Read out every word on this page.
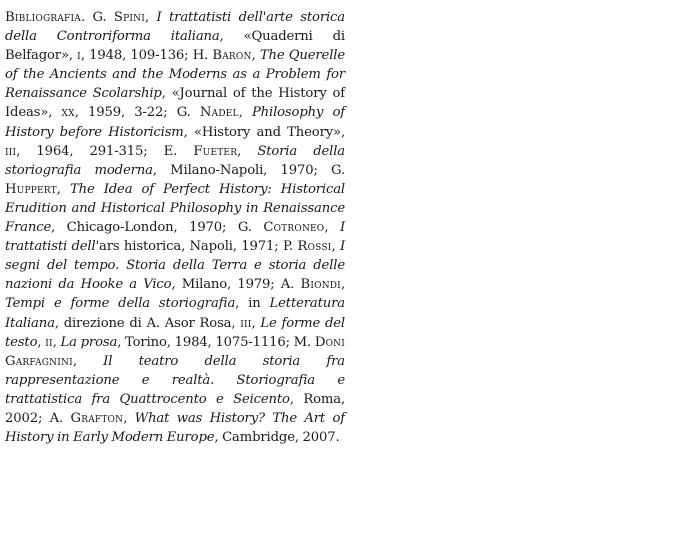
Bibliografia. G. Spini, I trattatisti dell'arte storica della Controriforma italiana, «Quaderni di Belfagor», i, 1948, 109-136; H. Baron, The Querelle of the Ancients and the Moderns as a Problem for Renaissance Scolarship, «Journal of the History of Ideas», xx, 1959, 3-22; G. Nadel, Philosophy of History before Historicism, «History and Theory», iii, 1964, 291-315; E. Fueter, Storia della storiografia moderna, Milano-Napoli, 1970; G. Huppert, The Idea of Perfect History: Historical Erudition and Historical Philosophy in Renaissance France, Chicago-London, 1970; G. Cotroneo, I trattatisti dell'ars historica, Napoli, 1971; P. Rossi, I segni del tempo. Storia della Terra e storia delle nazioni da Hooke a Vico, Milano, 1979; A. Biondi, Tempi e forme della storiografia, in Letteratura Italiana, direzione di A. Asor Rosa, iii, Le forme del testo, ii, La prosa, Torino, 1984, 1075-1116; M. Doni Garfagnini, Il teatro della storia fra rappresentazione e realtà. Storiografia e trattatistica fra Quattrocento e Seicento, Roma, 2002; A. Grafton, What was History? The Art of History in Early Modern Europe, Cambridge, 2007.
